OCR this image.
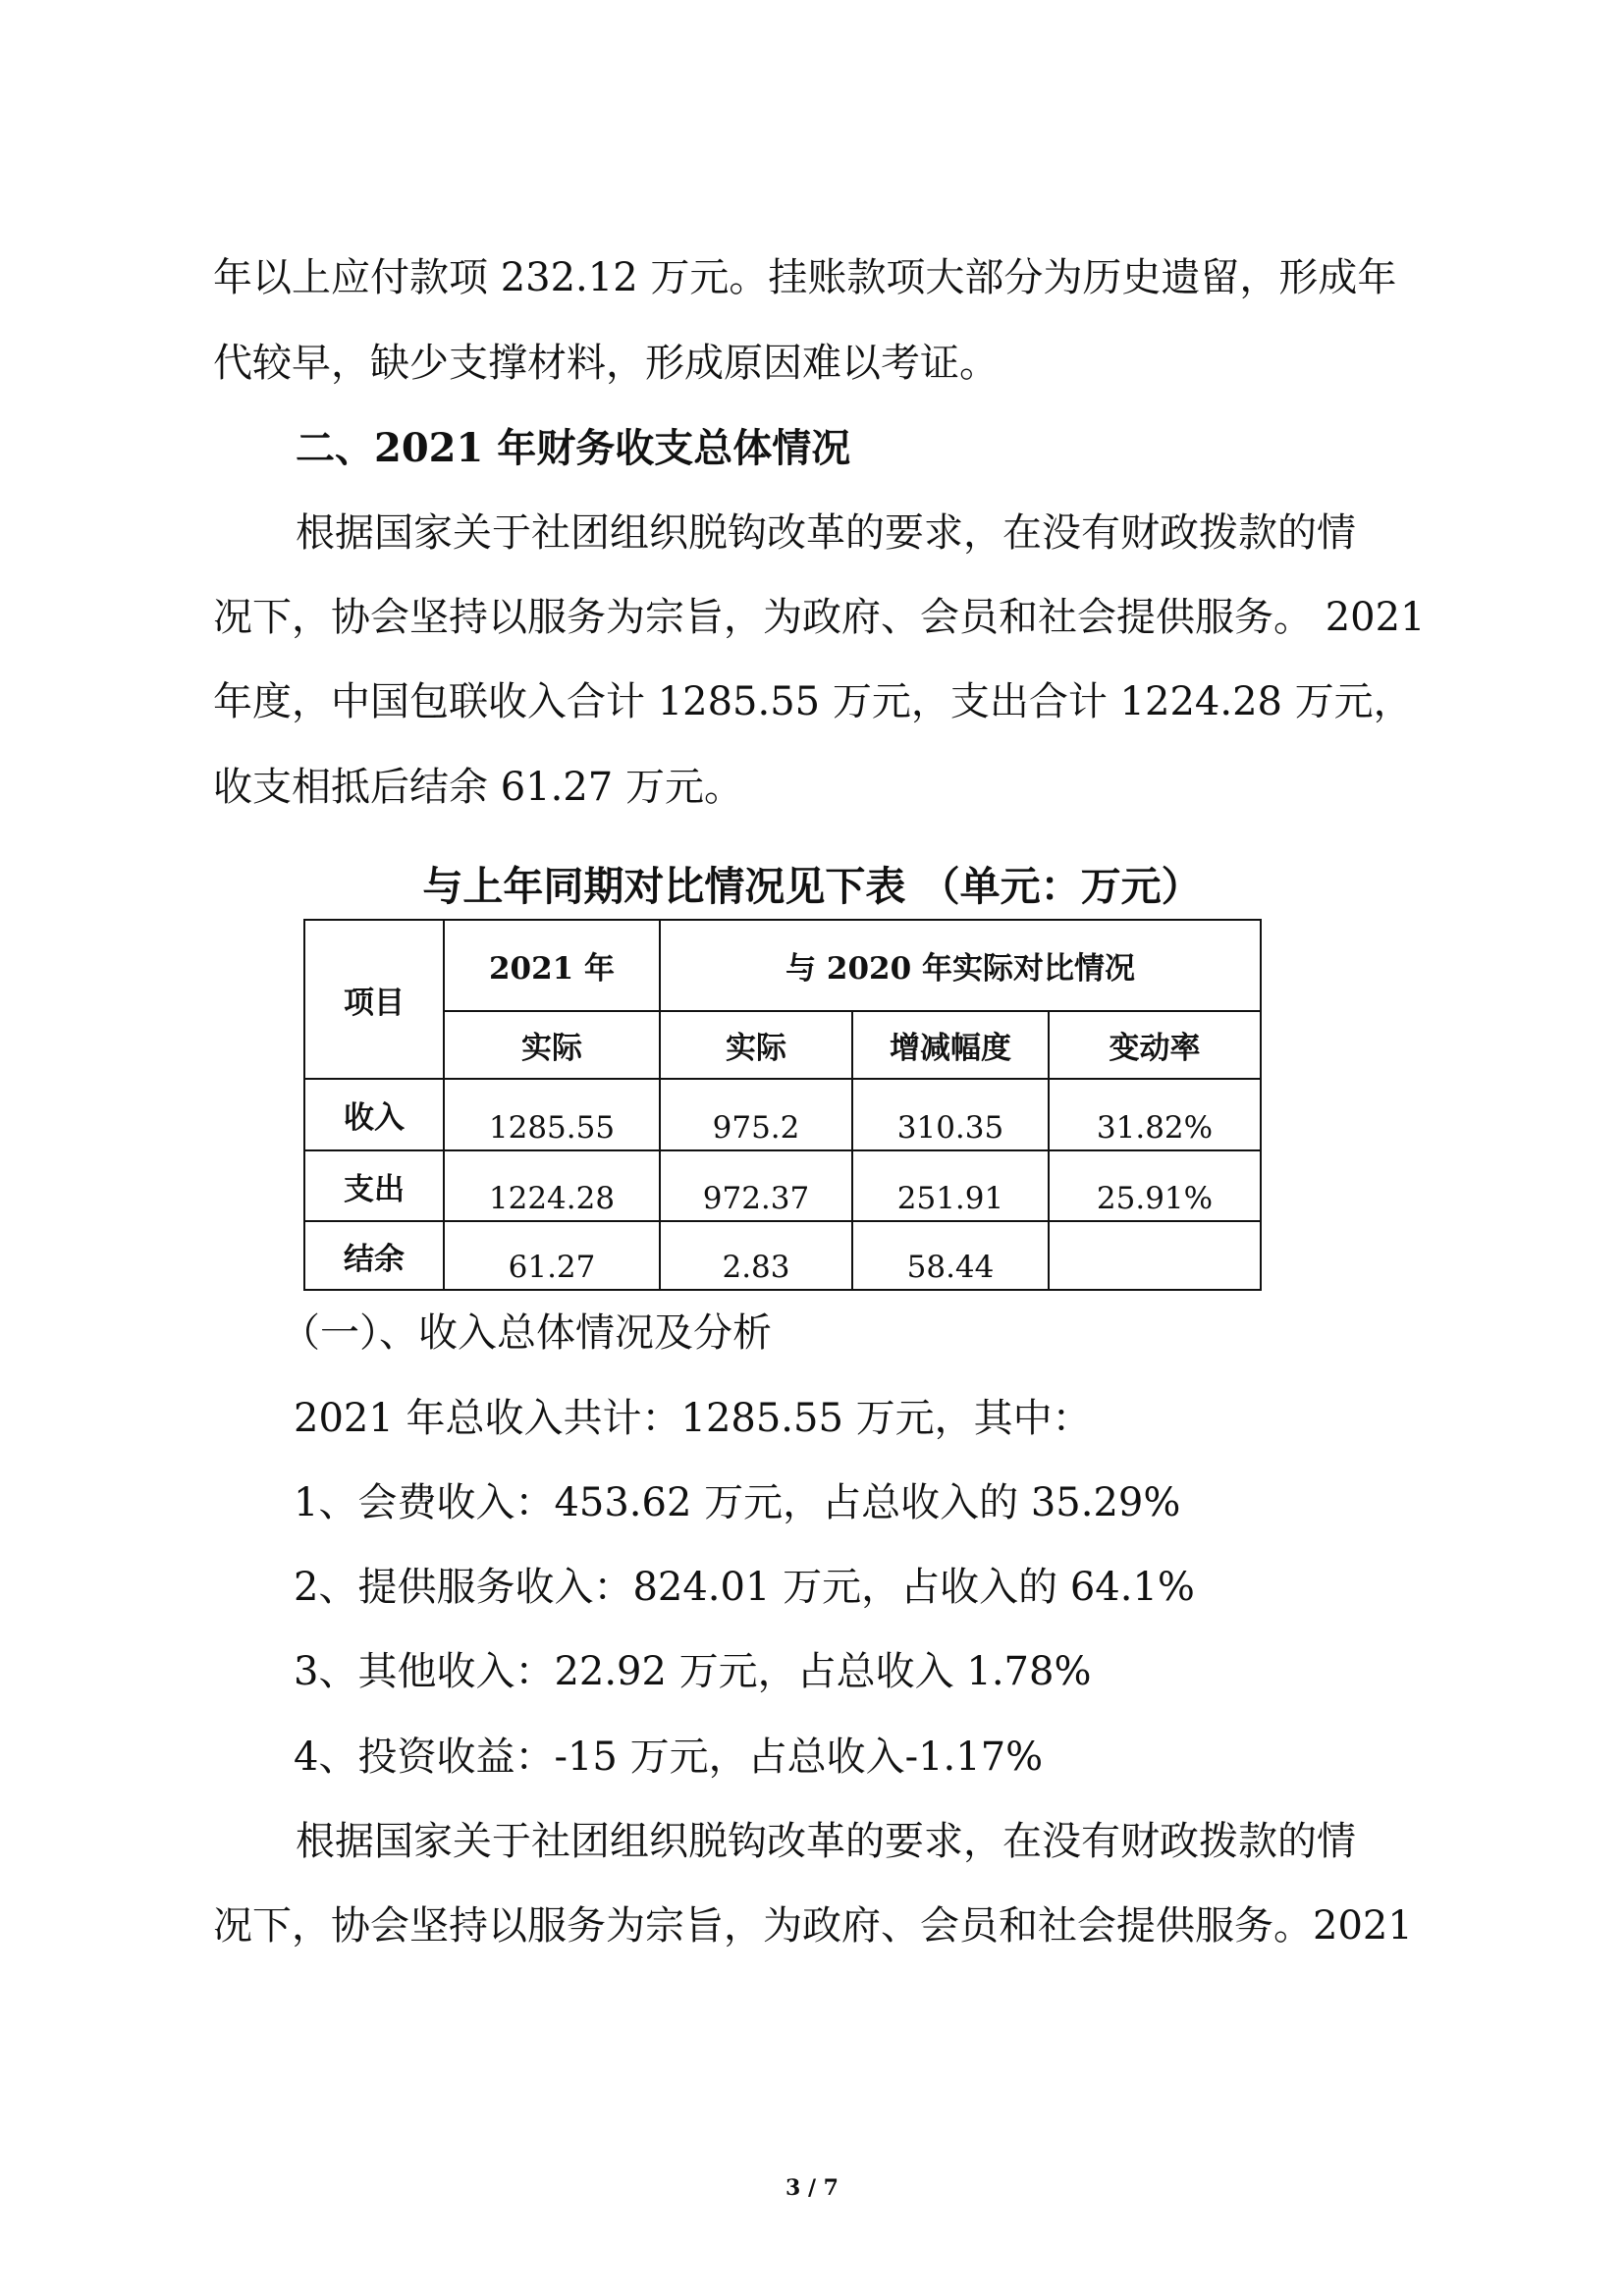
年以上应付款项 232.12 万元。挂账款项大部分为历史遗留，形成年
代较早，缺少支撑材料，形成原因难以考证。
二、2021 年财务收支总体情况
根据国家关于社团组织脱钩改革的要求，在没有财政拨款的情
况下，协会坚持以服务为宗旨，为政府、会员和社会提供服务。 2021
年度，中国包联收入合计 1285.55 万元，支出合计 1224.28 万元，
收支相抵后结余 61.27 万元。
与上年同期对比情况见下表 （单元：万元）
项目	2021 年	与 2020 年实际对比情况		
	实际	实际	增减幅度	变动率
收入	1285.55	975.2	310.35	31.82%
支出	1224.28	972.37	251.91	25.91%
结余	61.27	2.83	58.44	
（一）、收入总体情况及分析
2021 年总收入共计：1285.55 万元，其中：
1、会费收入：453.62 万元，占总收入的 35.29%
2、提供服务收入：824.01 万元，占收入的 64.1%
3、其他收入：22.92 万元，占总收入 1.78%
4、投资收益：-15 万元，占总收入-1.17%
根据国家关于社团组织脱钩改革的要求，在没有财政拨款的情
况下，协会坚持以服务为宗旨，为政府、会员和社会提供服务。2021
3 / 7
